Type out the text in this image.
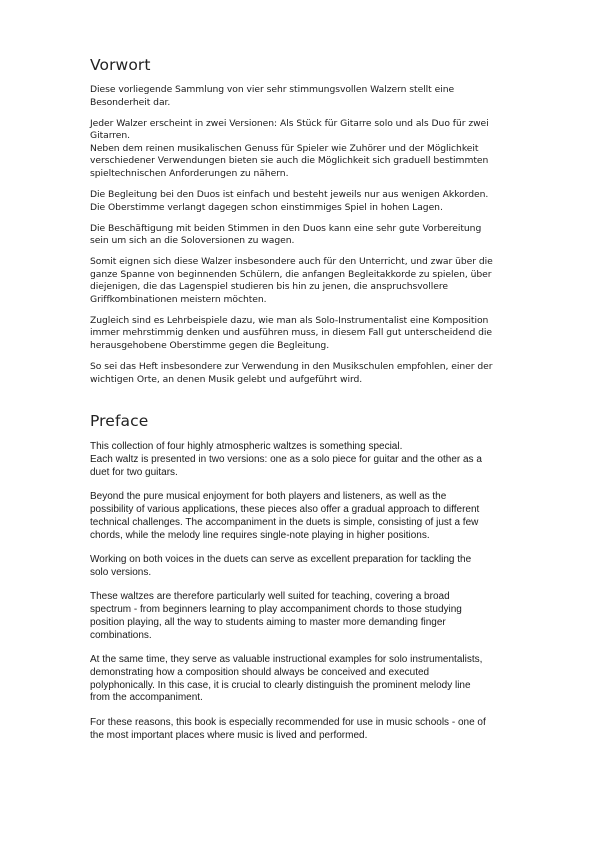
Vorwort

Diese vorliegende Sammlung von vier sehr stimmungsvollen Walzern stellt eine
Besonderheit dar.

Jeder Walzer erscheint in zwei Versionen: Als Stück für Gitarre solo und als Duo für zwei
Gitarren.
Neben dem reinen musikalischen Genuss für Spieler wie Zuhörer und der Möglichkeit
verschiedener Verwendungen bieten sie auch die Möglichkeit sich graduell bestimmten
spieltechnischen Anforderungen zu nähern.

Die Begleitung bei den Duos ist einfach und besteht jeweils nur aus wenigen Akkorden.
Die Oberstimme verlangt dagegen schon einstimmiges Spiel in hohen Lagen.

Die Beschäftigung mit beiden Stimmen in den Duos kann eine sehr gute Vorbereitung
sein um sich an die Soloversionen zu wagen.

Somit eignen sich diese Walzer insbesondere auch für den Unterricht, und zwar über die
ganze Spanne von beginnenden Schülern, die anfangen Begleitakkorde zu spielen, über
diejenigen, die das Lagenspiel studieren bis hin zu jenen, die anspruchsvollere
Griffkombinationen meistern möchten.

Zugleich sind es Lehrbeispiele dazu, wie man als Solo-Instrumentalist eine Komposition
immer mehrstimmig denken und ausführen muss, in diesem Fall gut unterscheidend die
herausgehobene Oberstimme gegen die Begleitung.

So sei das Heft insbesondere zur Verwendung in den Musikschulen empfohlen, einer der
wichtigen Orte, an denen Musik gelebt und aufgeführt wird.

Preface

This collection of four highly atmospheric waltzes is something special.
Each waltz is presented in two versions: one as a solo piece for guitar and the other as a
duet for two guitars.

Beyond the pure musical enjoyment for both players and listeners, as well as the
possibility of various applications, these pieces also offer a gradual approach to different
technical challenges. The accompaniment in the duets is simple, consisting of just a few
chords, while the melody line requires single-note playing in higher positions.

Working on both voices in the duets can serve as excellent preparation for tackling the
solo versions.

These waltzes are therefore particularly well suited for teaching, covering a broad
spectrum - from beginners learning to play accompaniment chords to those studying
position playing, all the way to students aiming to master more demanding finger
combinations.

At the same time, they serve as valuable instructional examples for solo instrumentalists,
demonstrating how a composition should always be conceived and executed
polyphonically. In this case, it is crucial to clearly distinguish the prominent melody line
from the accompaniment.

For these reasons, this book is especially recommended for use in music schools - one of
the most important places where music is lived and performed.
